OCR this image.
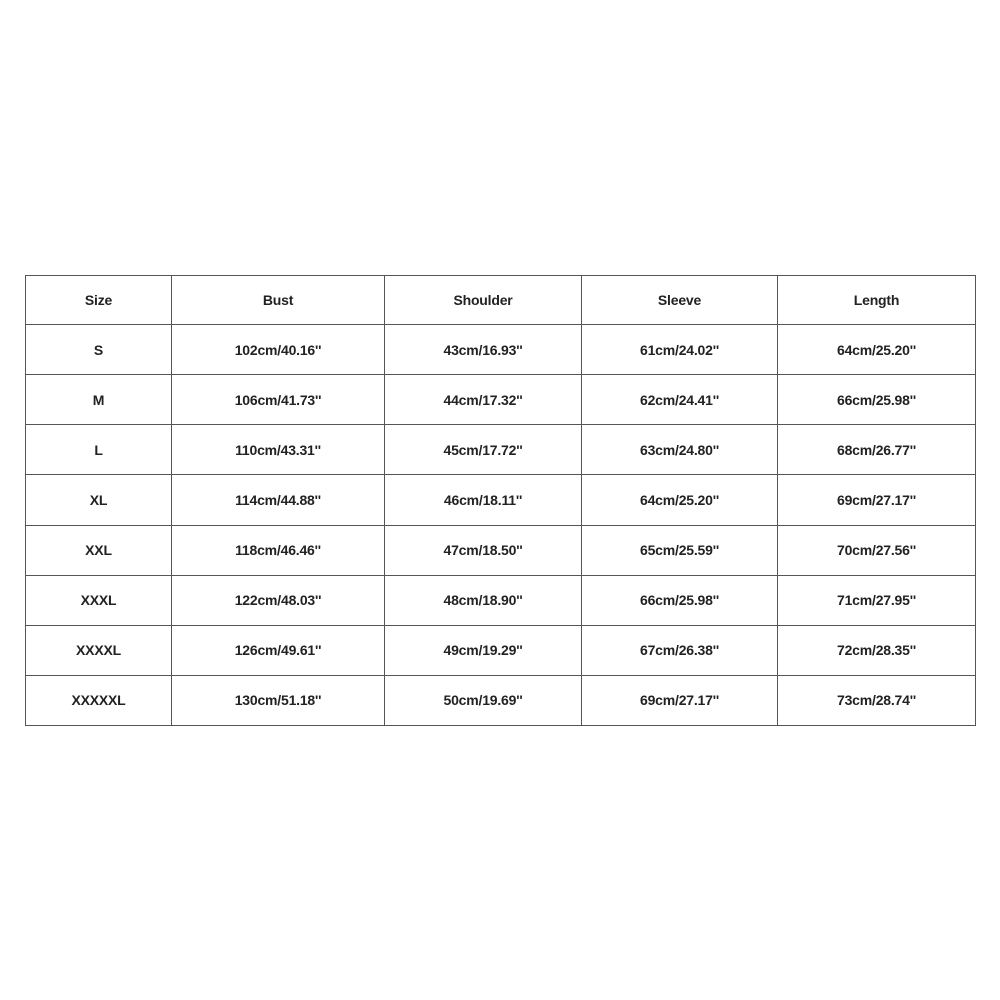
Size	Bust	Shoulder	Sleeve	Length
S	102cm/40.16''	43cm/16.93''	61cm/24.02''	64cm/25.20''
M	106cm/41.73''	44cm/17.32''	62cm/24.41''	66cm/25.98''
L	110cm/43.31''	45cm/17.72''	63cm/24.80''	68cm/26.77''
XL	114cm/44.88''	46cm/18.11''	64cm/25.20''	69cm/27.17''
XXL	118cm/46.46''	47cm/18.50''	65cm/25.59''	70cm/27.56''
XXXL	122cm/48.03''	48cm/18.90''	66cm/25.98''	71cm/27.95''
XXXXL	126cm/49.61''	49cm/19.29''	67cm/26.38''	72cm/28.35''
XXXXXL	130cm/51.18''	50cm/19.69''	69cm/27.17''	73cm/28.74''
